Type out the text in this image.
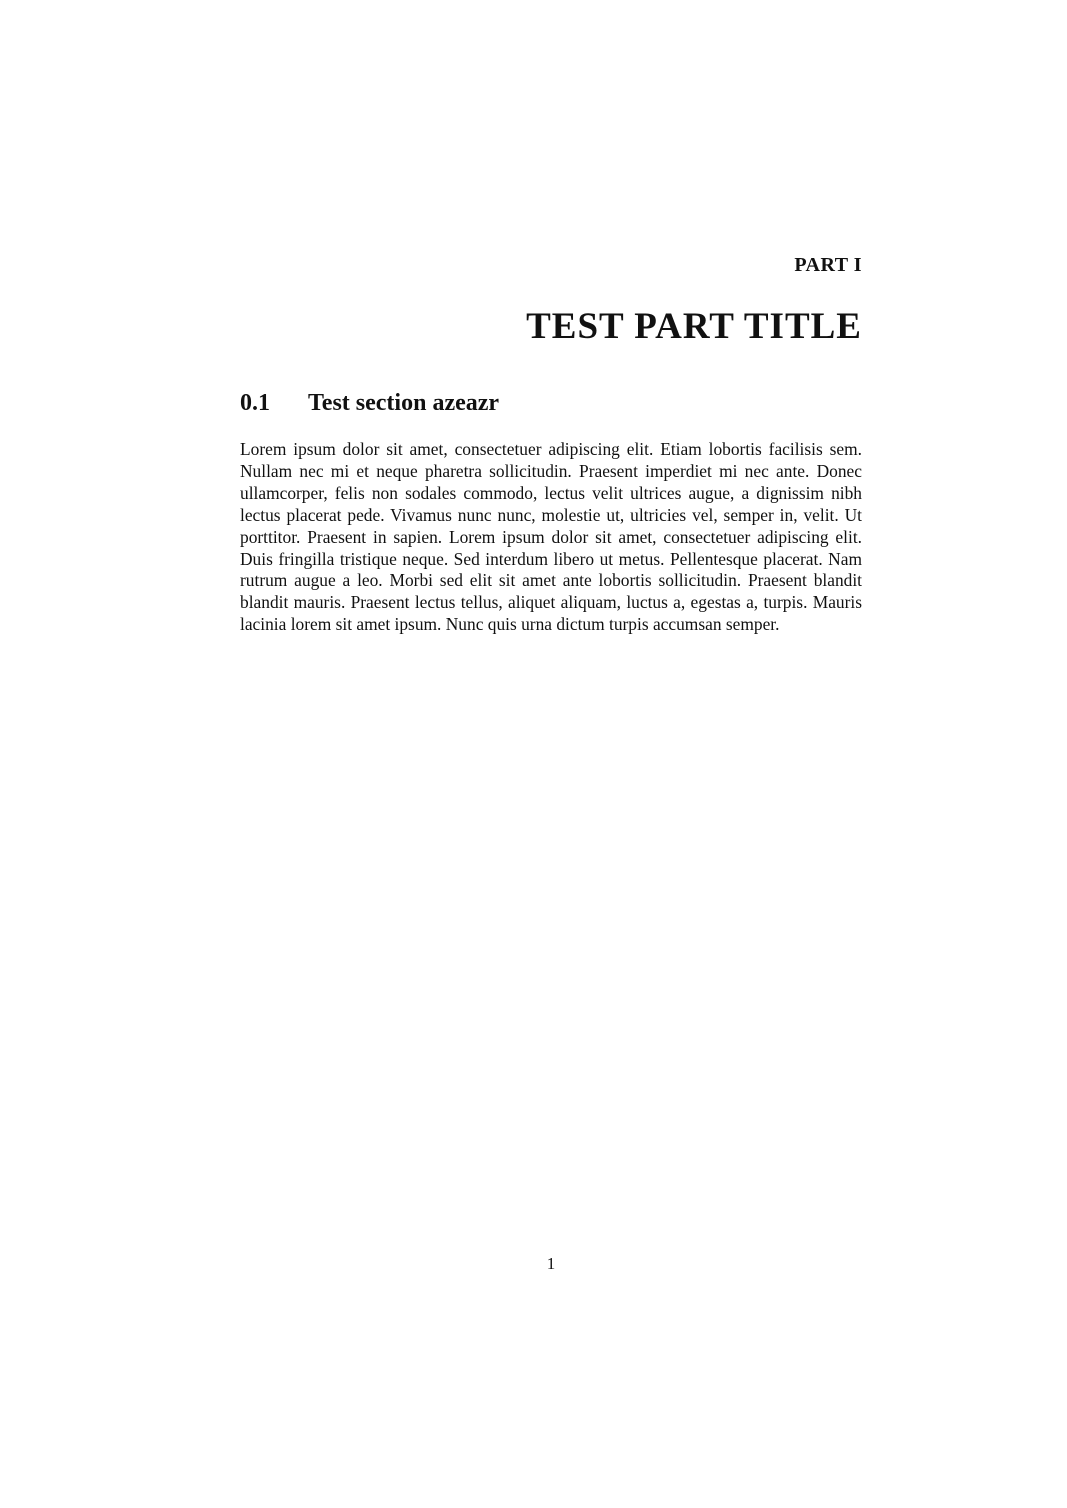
PART I
TEST PART TITLE
0.1 Test section azeazr

Lorem ipsum dolor sit amet, consectetuer adipiscing elit. Etiam lobortis facilisis sem. Nullam nec mi et neque pharetra sollicitudin. Praesent imperdiet mi nec ante. Donec ullamcorper, felis non sodales commodo, lectus velit ultrices augue, a dignissim nibh lectus placerat pede. Vivamus nunc nunc, molestie ut, ultricies vel, semper in, velit. Ut porttitor. Praesent in sapien. Lorem ipsum dolor sit amet, consectetuer adipiscing elit. Duis fringilla tristique neque. Sed interdum libero ut metus. Pellentesque placerat. Nam rutrum augue a leo. Morbi sed elit sit amet ante lobortis sollicitudin. Praesent blandit blandit mauris. Praesent lectus tellus, aliquet aliquam, luctus a, egestas a, turpis. Mauris lacinia lorem sit amet ipsum. Nunc quis urna dictum turpis accumsan semper.

1
